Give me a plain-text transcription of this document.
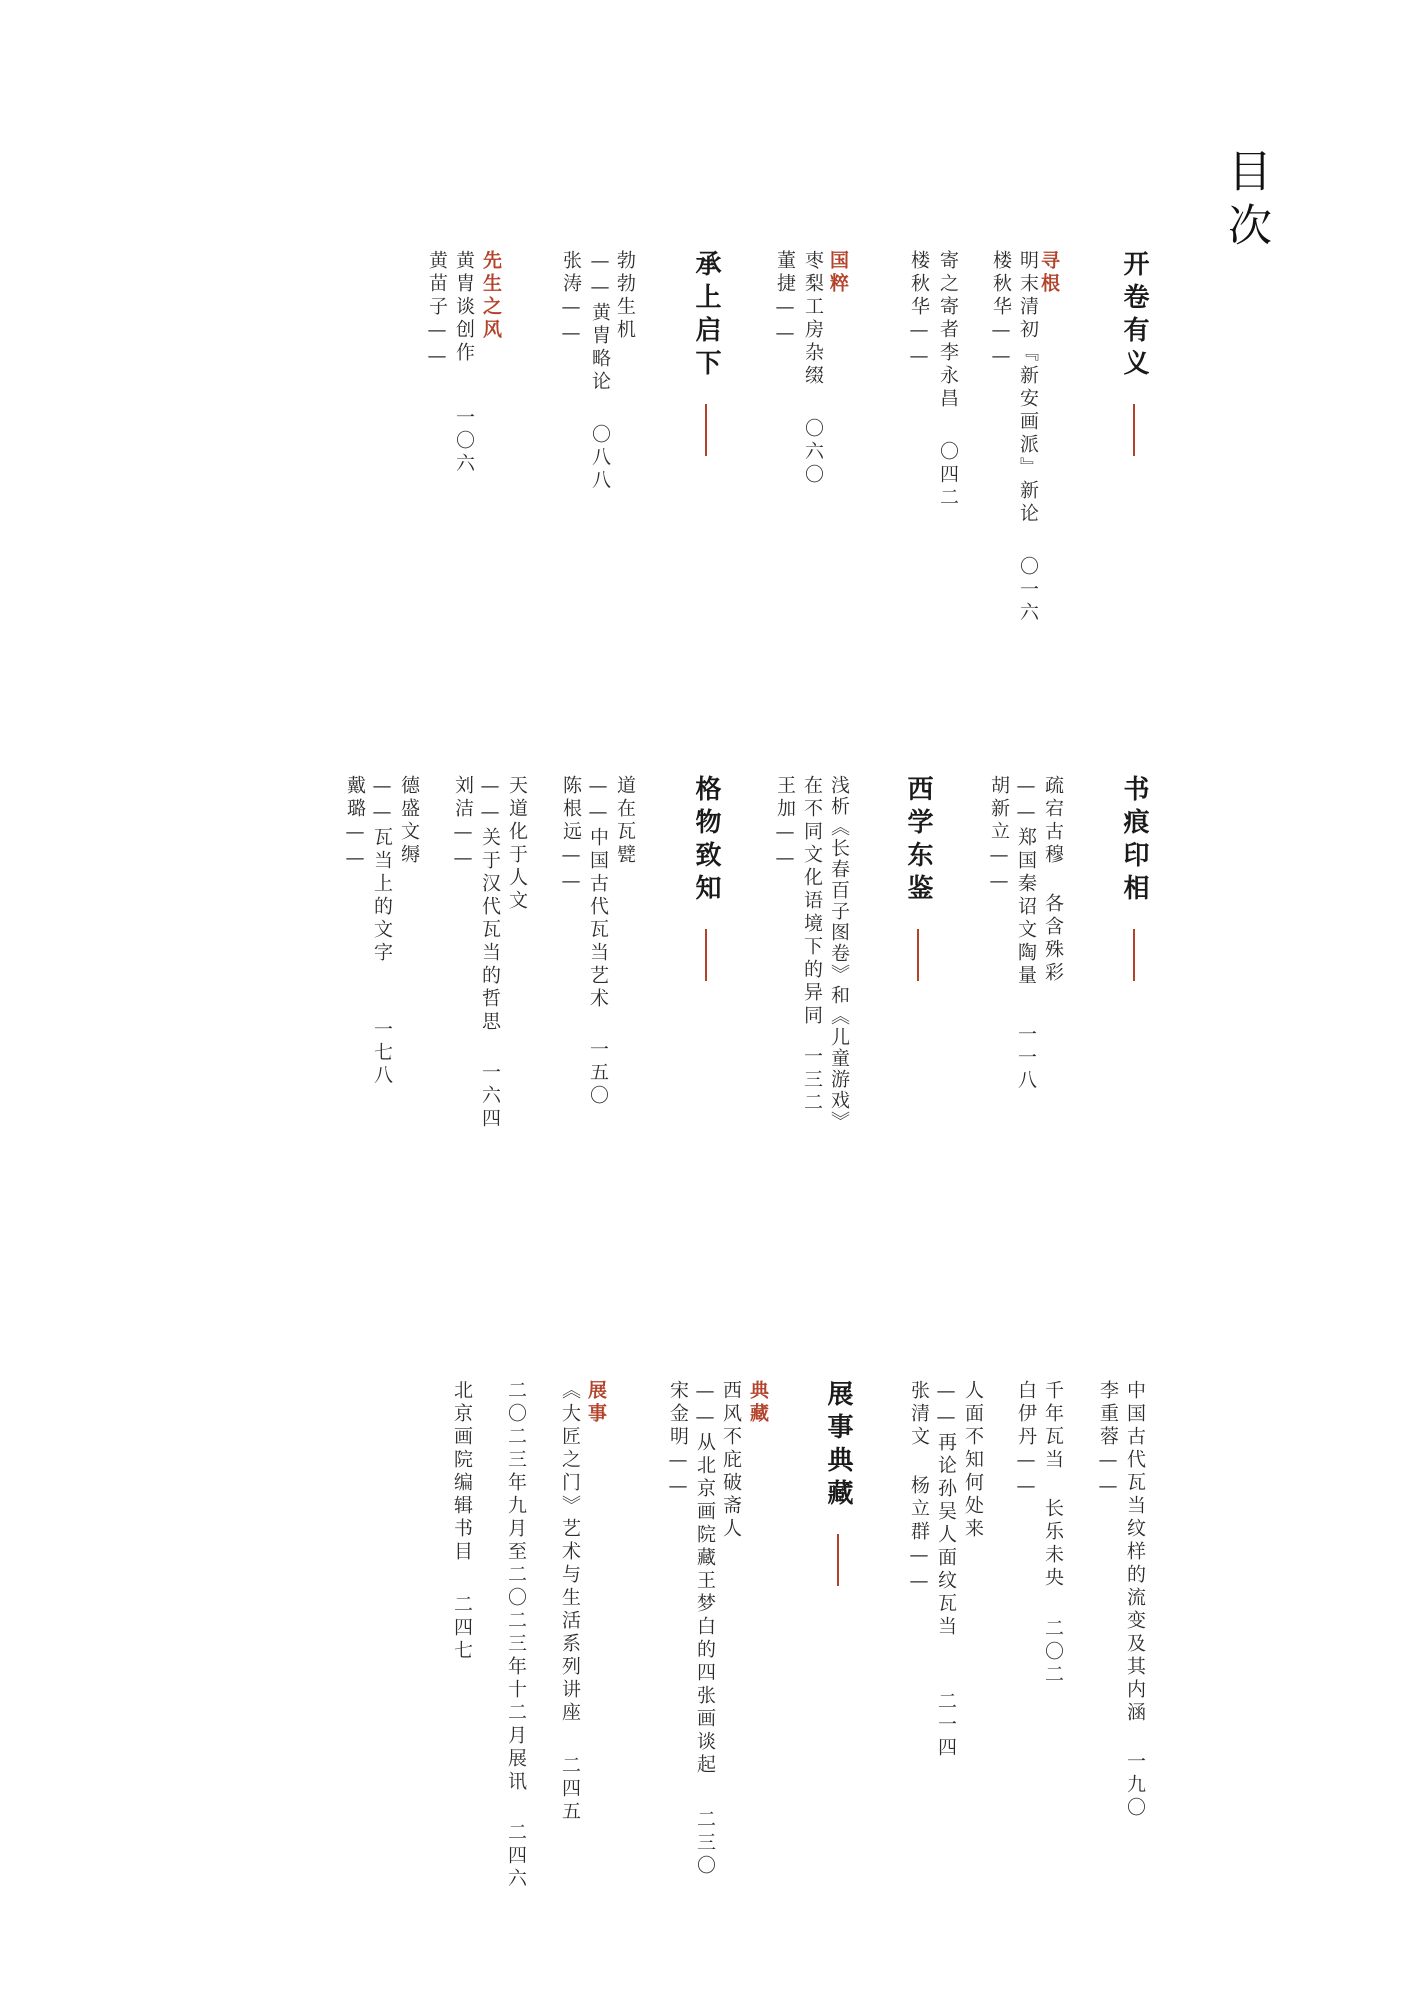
目次
开卷有义
寻根
明末清初『新安画派』新论〇一六
楼秋华——
寄之寄者李永昌〇四二
楼秋华——
国粹
枣梨工房杂缀〇六〇
董捷——
承上启下
勃勃生机
——黄胄略论〇八八
张涛——
先生之风
黄胄谈创作一〇六
黄苗子——
书痕印相
疏宕古穆 各含殊彩
——郑国秦诏文陶量一一八
胡新立——
西学东鉴
浅析《长春百子图卷》和《儿童游戏》
在不同文化语境下的异同一三二
王加——
格物致知
道在瓦甓
——中国古代瓦当艺术一五〇
陈根远——
天道化于人文
——关于汉代瓦当的哲思一六四
刘洁——
德盛文缛
——瓦当上的文字一七八
戴璐——
中国古代瓦当纹样的流变及其内涵一九〇
李重蓉——
千年瓦当 长乐未央二〇二
白伊丹——
人面不知何处来
——再论孙吴人面纹瓦当二一四
张清文 杨立群——
展事典藏
典藏
西风不庇破斋人
——从北京画院藏王梦白的四张画谈起二三〇
宋金明——
展事
《大匠之门》艺术与生活系列讲座二四五
二〇二三年九月至二〇二三年十二月展讯二四六
北京画院编辑书目二四七
